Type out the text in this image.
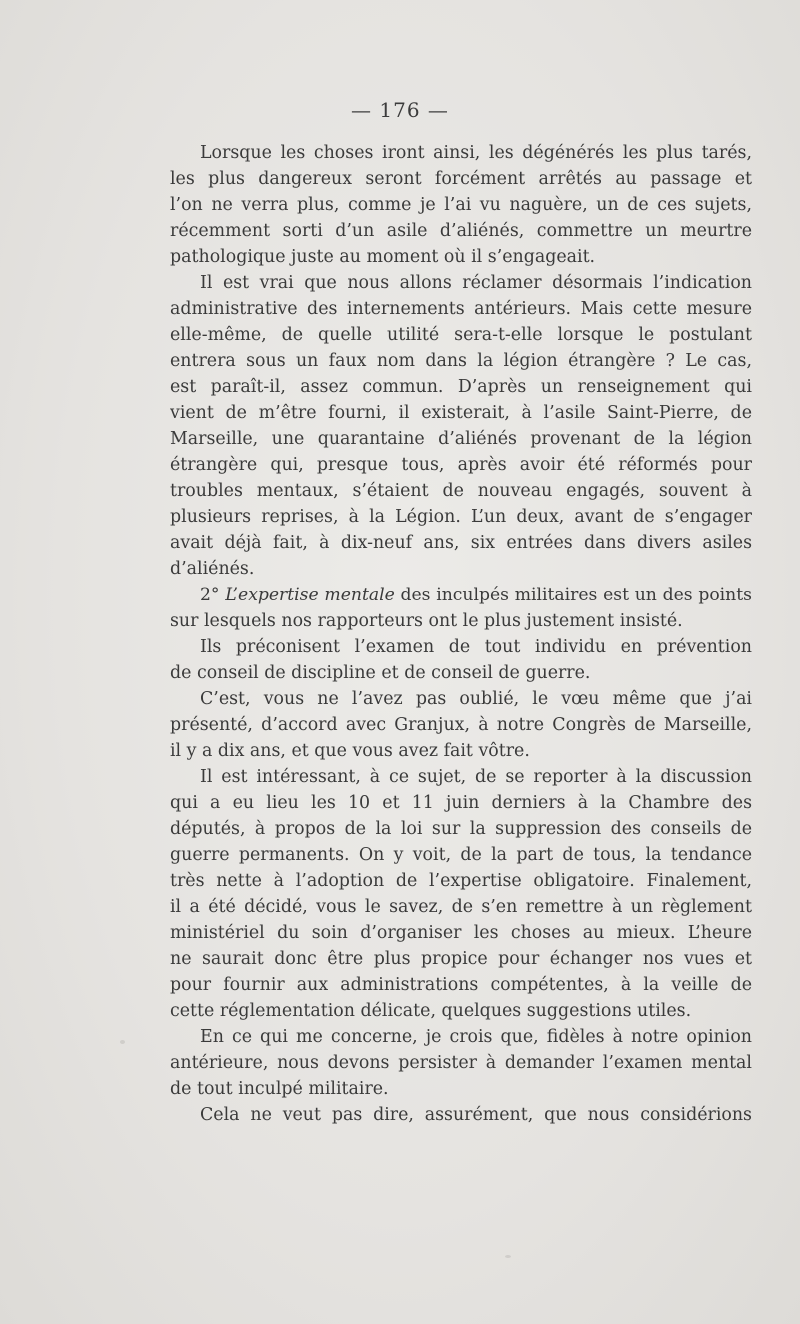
— 176 —
Lorsque les choses iront ainsi, les dégénérés les plus tarés,
les plus dangereux seront forcément arrêtés au passage et
l’on ne verra plus, comme je l’ai vu naguère, un de ces sujets,
récemment sorti d’un asile d’aliénés, commettre un meurtre
pathologique juste au moment où il s’engageait.
Il est vrai que nous allons réclamer désormais l’indication
administrative des internements antérieurs. Mais cette mesure
elle-même, de quelle utilité sera-t-elle lorsque le postulant
entrera sous un faux nom dans la légion étrangère ? Le cas,
est paraît-il, assez commun. D’après un renseignement qui
vient de m’être fourni, il existerait, à l’asile Saint-Pierre, de
Marseille, une quarantaine d’aliénés provenant de la légion
étrangère qui, presque tous, après avoir été réformés pour
troubles mentaux, s’étaient de nouveau engagés, souvent à
plusieurs reprises, à la Légion. L’un deux, avant de s’engager
avait déjà fait, à dix-neuf ans, six entrées dans divers asiles
d’aliénés.
2° L’expertise mentale des inculpés militaires est un des points
sur lesquels nos rapporteurs ont le plus justement insisté.
Ils préconisent l’examen de tout individu en prévention
de conseil de discipline et de conseil de guerre.
C’est, vous ne l’avez pas oublié, le vœu même que j’ai
présenté, d’accord avec Granjux, à notre Congrès de Marseille,
il y a dix ans, et que vous avez fait vôtre.
Il est intéressant, à ce sujet, de se reporter à la discussion
qui a eu lieu les 10 et 11 juin derniers à la Chambre des
députés, à propos de la loi sur la suppression des conseils de
guerre permanents. On y voit, de la part de tous, la tendance
très nette à l’adoption de l’expertise obligatoire. Finalement,
il a été décidé, vous le savez, de s’en remettre à un règlement
ministériel du soin d’organiser les choses au mieux. L’heure
ne saurait donc être plus propice pour échanger nos vues et
pour fournir aux administrations compétentes, à la veille de
cette réglementation délicate, quelques suggestions utiles.
En ce qui me concerne, je crois que, fidèles à notre opinion
antérieure, nous devons persister à demander l’examen mental
de tout inculpé militaire.
Cela ne veut pas dire, assurément, que nous considérions
